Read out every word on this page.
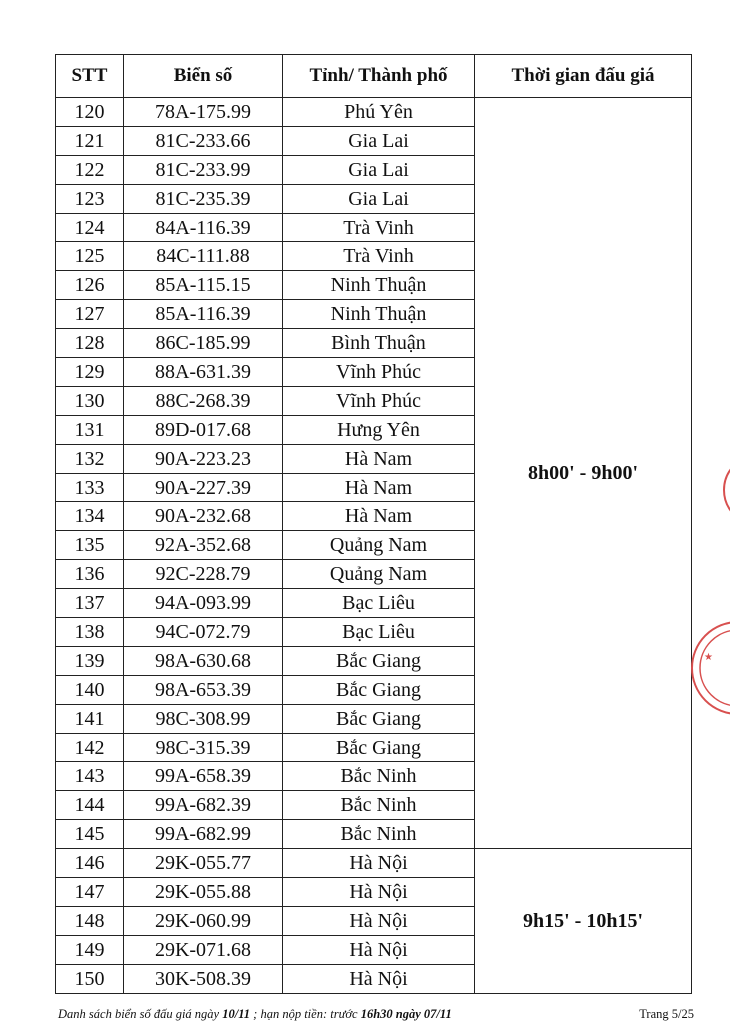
STT	Biển số	Tỉnh/ Thành phố	Thời gian đấu giá
120	78A-175.99	Phú Yên	8h00' - 9h00'
121	81C-233.66	Gia Lai	
122	81C-233.99	Gia Lai	
123	81C-235.39	Gia Lai	
124	84A-116.39	Trà Vinh	
125	84C-111.88	Trà Vinh	
126	85A-115.15	Ninh Thuận	
127	85A-116.39	Ninh Thuận	
128	86C-185.99	Bình Thuận	
129	88A-631.39	Vĩnh Phúc	
130	88C-268.39	Vĩnh Phúc	
131	89D-017.68	Hưng Yên	
132	90A-223.23	Hà Nam	
133	90A-227.39	Hà Nam	
134	90A-232.68	Hà Nam	
135	92A-352.68	Quảng Nam	
136	92C-228.79	Quảng Nam	
137	94A-093.99	Bạc Liêu	
138	94C-072.79	Bạc Liêu	
139	98A-630.68	Bắc Giang	
140	98A-653.39	Bắc Giang	
141	98C-308.99	Bắc Giang	
142	98C-315.39	Bắc Giang	
143	99A-658.39	Bắc Ninh	
144	99A-682.39	Bắc Ninh	
145	99A-682.99	Bắc Ninh	
146	29K-055.77	Hà Nội	9h15' - 10h15'
147	29K-055.88	Hà Nội	
148	29K-060.99	Hà Nội	
149	29K-071.68	Hà Nội	
150	30K-508.39	Hà Nội	
★
Danh sách biển số đấu giá ngày 10/11 ; hạn nộp tiền: trước 16h30 ngày 07/11	Trang 5/25
